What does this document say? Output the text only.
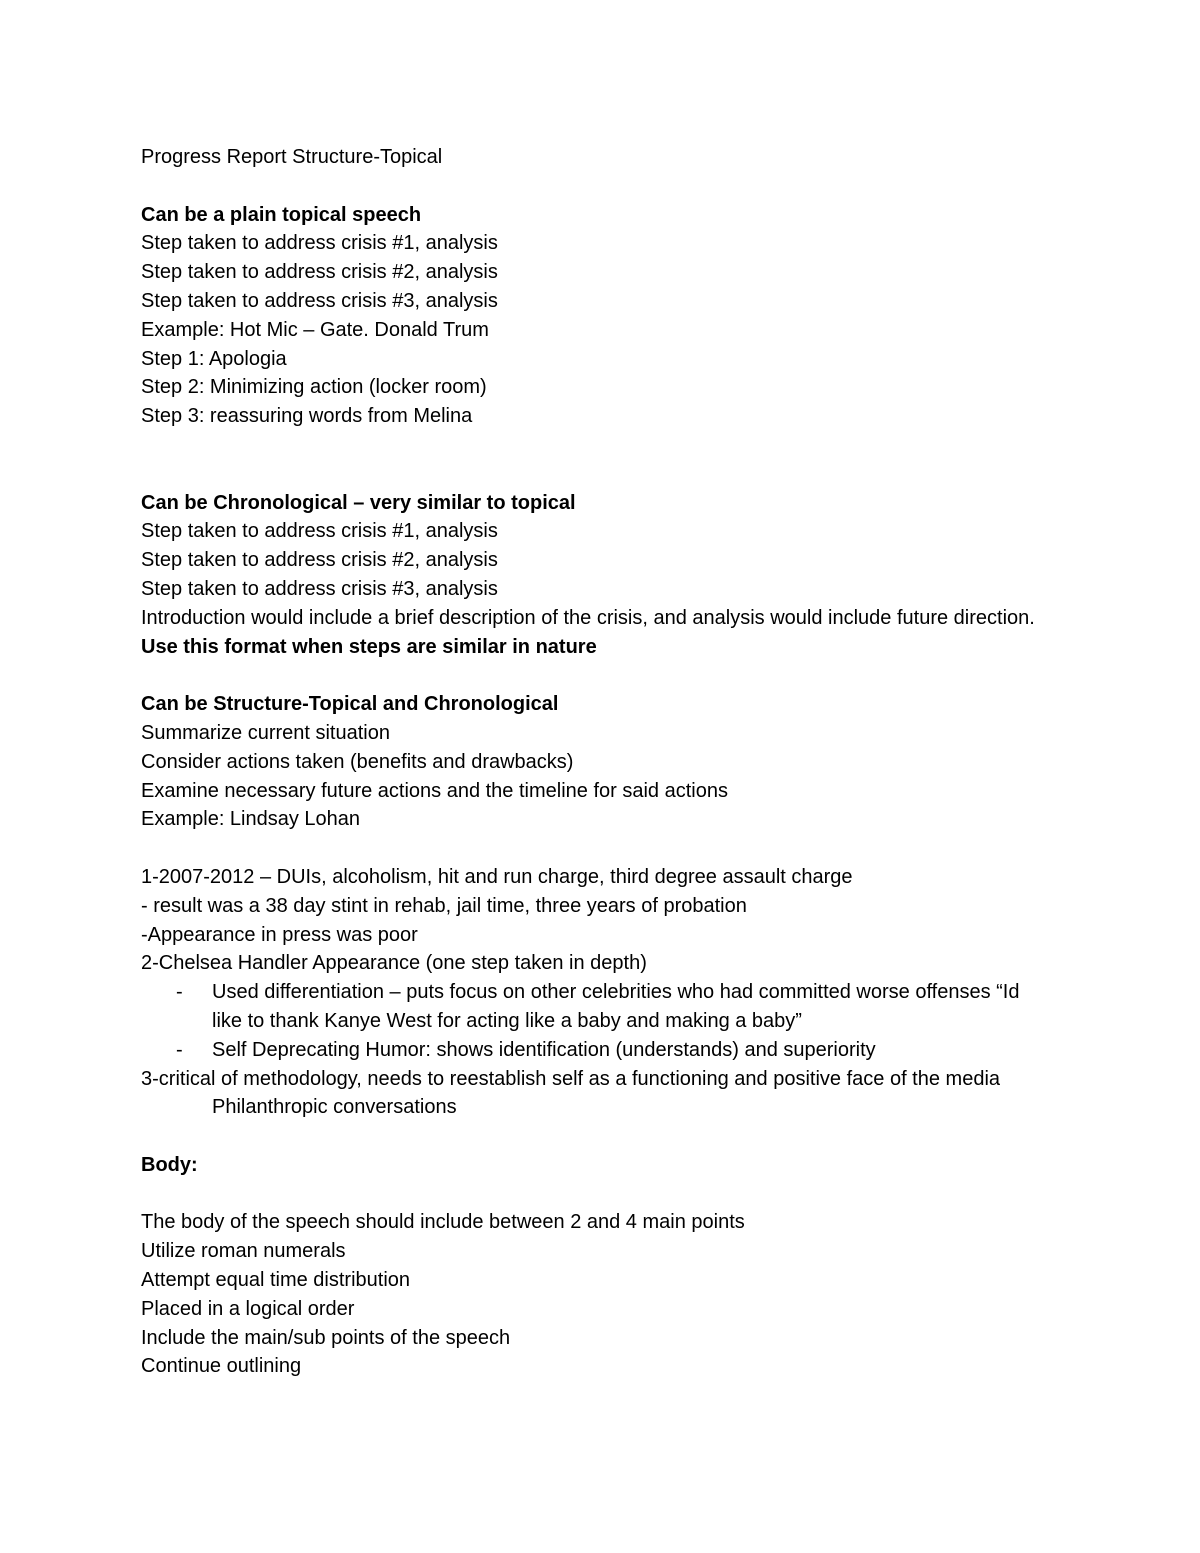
Progress Report Structure-Topical
Can be a plain topical speech
Step taken to address crisis #1, analysis
Step taken to address crisis #2, analysis
Step taken to address crisis #3, analysis
Example: Hot Mic – Gate. Donald Trum
Step 1: Apologia
Step 2: Minimizing action (locker room)
Step 3: reassuring words from Melina
Can be Chronological – very similar to topical
Step taken to address crisis #1, analysis
Step taken to address crisis #2, analysis
Step taken to address crisis #3, analysis
Introduction would include a brief description of the crisis, and analysis would include future direction. Use this format when steps are similar in nature
Can be Structure-Topical and Chronological
Summarize current situation
Consider actions taken (benefits and drawbacks)
Examine necessary future actions and the timeline for said actions
Example: Lindsay Lohan
1-2007-2012 – DUIs, alcoholism, hit and run charge, third degree assault charge
- result was a 38 day stint in rehab, jail time, three years of probation
-Appearance in press was poor
2-Chelsea Handler Appearance (one step taken in depth)
- Used differentiation – puts focus on other celebrities who had committed worse offenses “Id like to thank Kanye West for acting like a baby and making a baby”
- Self Deprecating Humor: shows identification (understands) and superiority
3-critical of methodology, needs to reestablish self as a functioning and positive face of the media
Philanthropic conversations
Body:
The body of the speech should include between 2 and 4 main points
Utilize roman numerals
Attempt equal time distribution
Placed in a logical order
Include the main/sub points of the speech
Continue outlining
